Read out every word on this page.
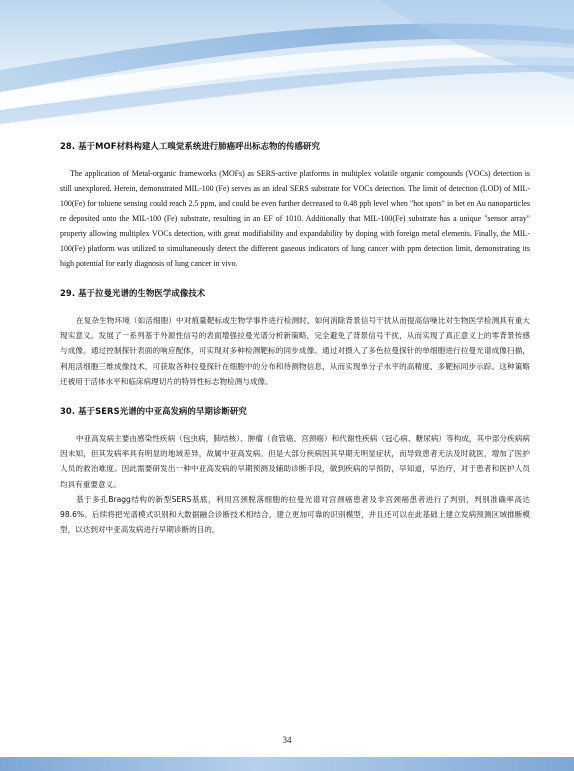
28. 基于MOF材料构建人工嗅觉系统进行肺癌呼出标志物的传感研究

The application of Metal-organic frameworks (MOFs) as SERS-active platforms in multiplex volatile organic compounds (VOCs) detection is still unexplored. Herein, demonstrated MIL-100 (Fe) serves as an ideal SERS substrate for VOCs detection. The limit of detection (LOD) of MIL-100(Fe) for toluene sensing could reach 2.5 ppm, and could be even further decreased to 0.48 ppb level when "hot spots" in bet en Au nanoparticles re deposited onto the MIL-100 (Fe) substrate, resulting in an EF of 1010. Additionally that MIL-100(Fe) substrate has a unique "sensor array" property allowing multiplex VOCs detection, with great modifiability and expandability by doping with foreign metal elements. Finally, the MIL-100(Fe) platform was utilized to simultaneously detect the different gaseous indicators of lung cancer with ppm detection limit, demonstrating its high potential for early diagnosis of lung cancer in vivo.

29. 基于拉曼光谱的生物医学成像技术

在复杂生物环境（如活细胞）中对痕量靶标或生物学事件进行检测时，如何消除背景信号干扰从而提高信噪比对生物医学检测具有重大现实意义。发展了一系列基于外源性信号的表面增强拉曼光谱分析新策略，完全避免了背景信号干扰，从而实现了真正意义上的零背景传感与成像。通过控制探针表面的响应配体，可实现对多种检测靶标的同步成像。通过对摄入了多色拉曼探针的单细胞进行拉曼光谱成像扫描，利用活细胞三维成像技术，可获取各种拉曼探针在细胞中的分布和待测物信息，从而实现单分子水平的高精度、多靶标同步示踪。这种策略还被用于活体水平和临床病理切片的特异性标志物检测与成像。

30. 基于SERS光谱的中亚高发病的早期诊断研究

中亚高发病主要由感染性疾病（包虫病，肺结核）、肿瘤（食管癌、宫颈癌）和代谢性疾病（冠心病、糖尿病）等构成，其中部分疾病病因未知，但其发病率具有明显的地域差异，故属中亚高发病。但是大部分疾病因其早期无明显症状，而导致患者无法及时就医，增加了医护人员的救治难度。因此需要研发出一种中亚高发病的早期预测及辅助诊断手段，做到疾病的早预防，早知道，早治疗，对于患者和医护人员均具有重要意义。

基于多孔Bragg结构的新型SERS基底，利用宫颈脱落细胞的拉曼光谱对宫颈癌患者及非宫颈癌患者进行了判别，判别准确率高达98.6%。后续将把光谱模式识别和大数据融合诊断技术相结合，建立更加可靠的识别模型，并且还可以在此基础上建立发病预测区域推断模型，以达到对中亚高发病进行早期诊断的目的。

34
